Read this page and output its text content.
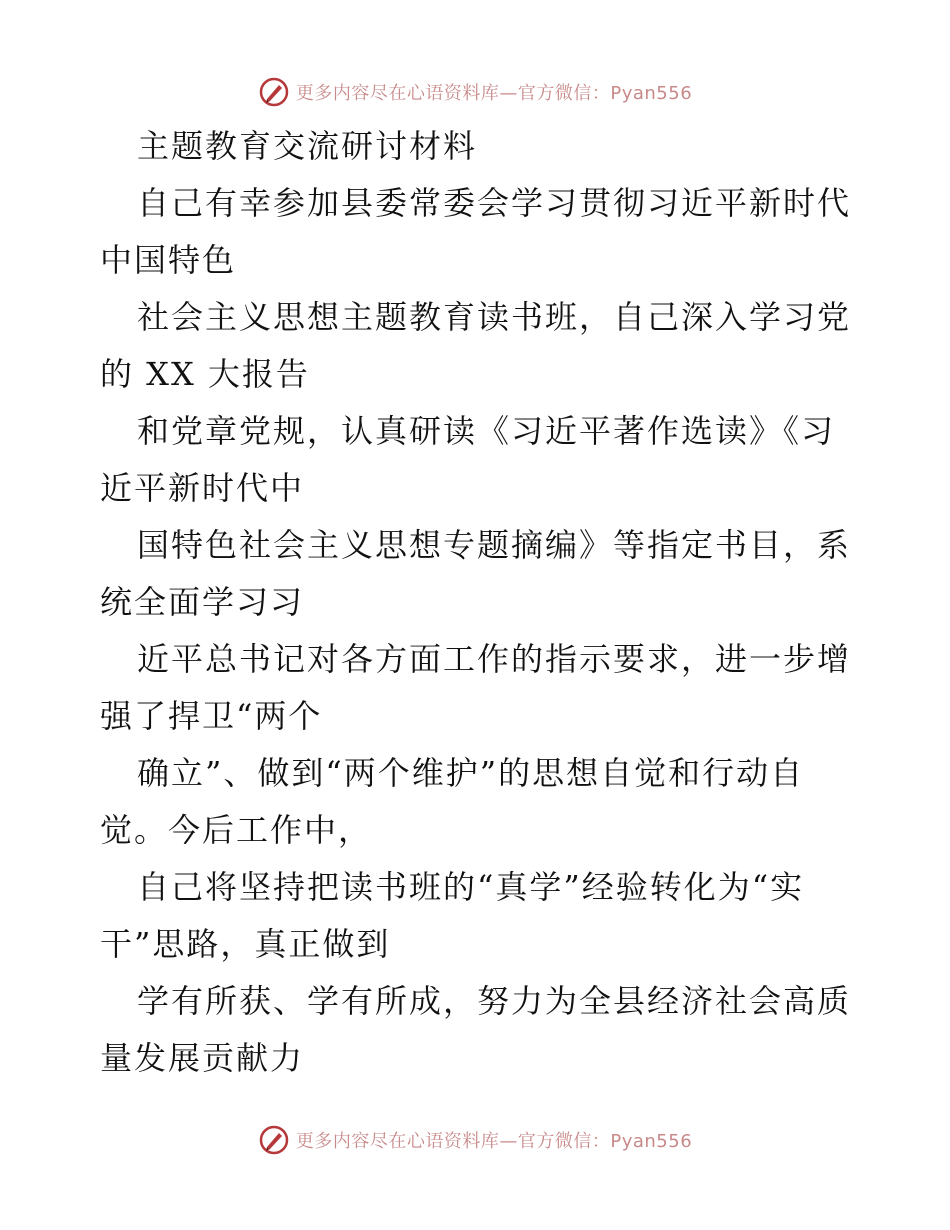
更多内容尽在心语资料库—官方微信：Pyan556
主题教育交流研讨材料
自己有幸参加县委常委会学习贯彻习近平新时代
中国特色
社会主义思想主题教育读书班，自己深入学习党
的 XX 大报告
和党章党规，认真研读《习近平著作选读》《习
近平新时代中
国特色社会主义思想专题摘编》等指定书目，系
统全面学习习
近平总书记对各方面工作的指示要求，进一步增
强了捍卫“两个
确立”、做到“两个维护”的思想自觉和行动自
觉。今后工作中，
自己将坚持把读书班的“真学”经验转化为“实
干”思路，真正做到
学有所获、学有所成，努力为全县经济社会高质
量发展贡献力
更多内容尽在心语资料库—官方微信：Pyan556
